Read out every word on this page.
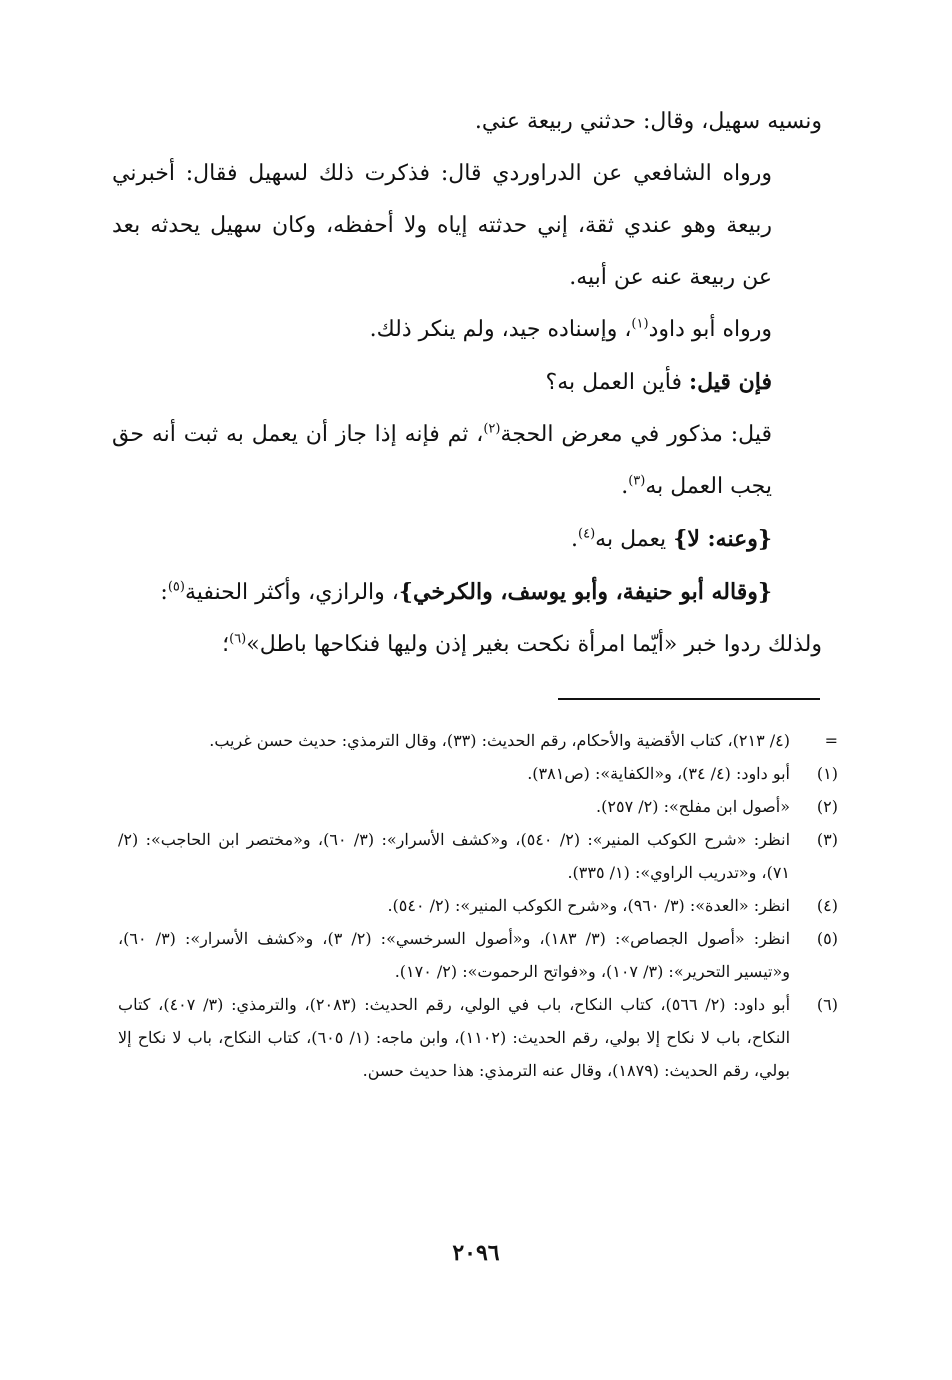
ونسيه سهيل، وقال: حدثني ربيعة عني.

ورواه الشافعي عن الدراوردي قال: فذكرت ذلك لسهيل فقال: أخبرني ربيعة وهو عندي ثقة، إني حدثته إياه ولا أحفظه، وكان سهيل يحدثه بعد عن ربيعة عنه عن أبيه.

ورواه أبو داود$^{(١)}$، وإسناده جيد، ولم ينكر ذلك.

فإن قيل: فأين العمل به؟

قيل: مذكور في معرض الحجة$^{(٢)}$، ثم فإنه إذا جاز أن يعمل به ثبت أنه حق يجب العمل به$^{(٣)}$.

{وعنه: لا} يعمل به$^{(٤)}$.

{وقاله أبو حنيفة، وأبو يوسف، والكرخي}، والرازي، وأكثر الحنفية$^{(٥)}$:

ولذلك ردوا خبر «أيّما امرأة نكحت بغير إذن وليها فنكاحها باطل»$^{(٦)}$؛

=
(٤/ ٢١٣)، كتاب الأقضية والأحكام، رقم الحديث: (٣٣)، وقال الترمذي: حديث حسن غريب.
(١)
أبو داود: (٤/ ٣٤)، و«الكفاية»: (ص٣٨١).
(٢)
«أصول ابن مفلح»: (٢/ ٢٥٧).
(٣)
انظر: «شرح الكوكب المنير»: (٢/ ٥٤٠)، و«كشف الأسرار»: (٣/ ٦٠)، و«مختصر ابن الحاجب»: (٢/ ٧١)، و«تدريب الراوي»: (١/ ٣٣٥).
(٤)
انظر: «العدة»: (٣/ ٩٦٠)، و«شرح الكوكب المنير»: (٢/ ٥٤٠).
(٥)
انظر: «أصول الجصاص»: (٣/ ١٨٣)، و«أصول السرخسي»: (٢/ ٣)، و«كشف الأسرار»: (٣/ ٦٠)، و«تيسير التحرير»: (٣/ ١٠٧)، و«فواتح الرحموت»: (٢/ ١٧٠).
(٦)
أبو داود: (٢/ ٥٦٦)، كتاب النكاح، باب في الولي، رقم الحديث: (٢٠٨٣)، والترمذي: (٣/ ٤٠٧)، كتاب النكاح، باب لا نكاح إلا بولي، رقم الحديث: (١١٠٢)، وابن ماجه: (١/ ٦٠٥)، كتاب النكاح، باب لا نكاح إلا بولي، رقم الحديث: (١٨٧٩)، وقال عنه الترمذي: هذا حديث حسن.
٢٠٩٦
